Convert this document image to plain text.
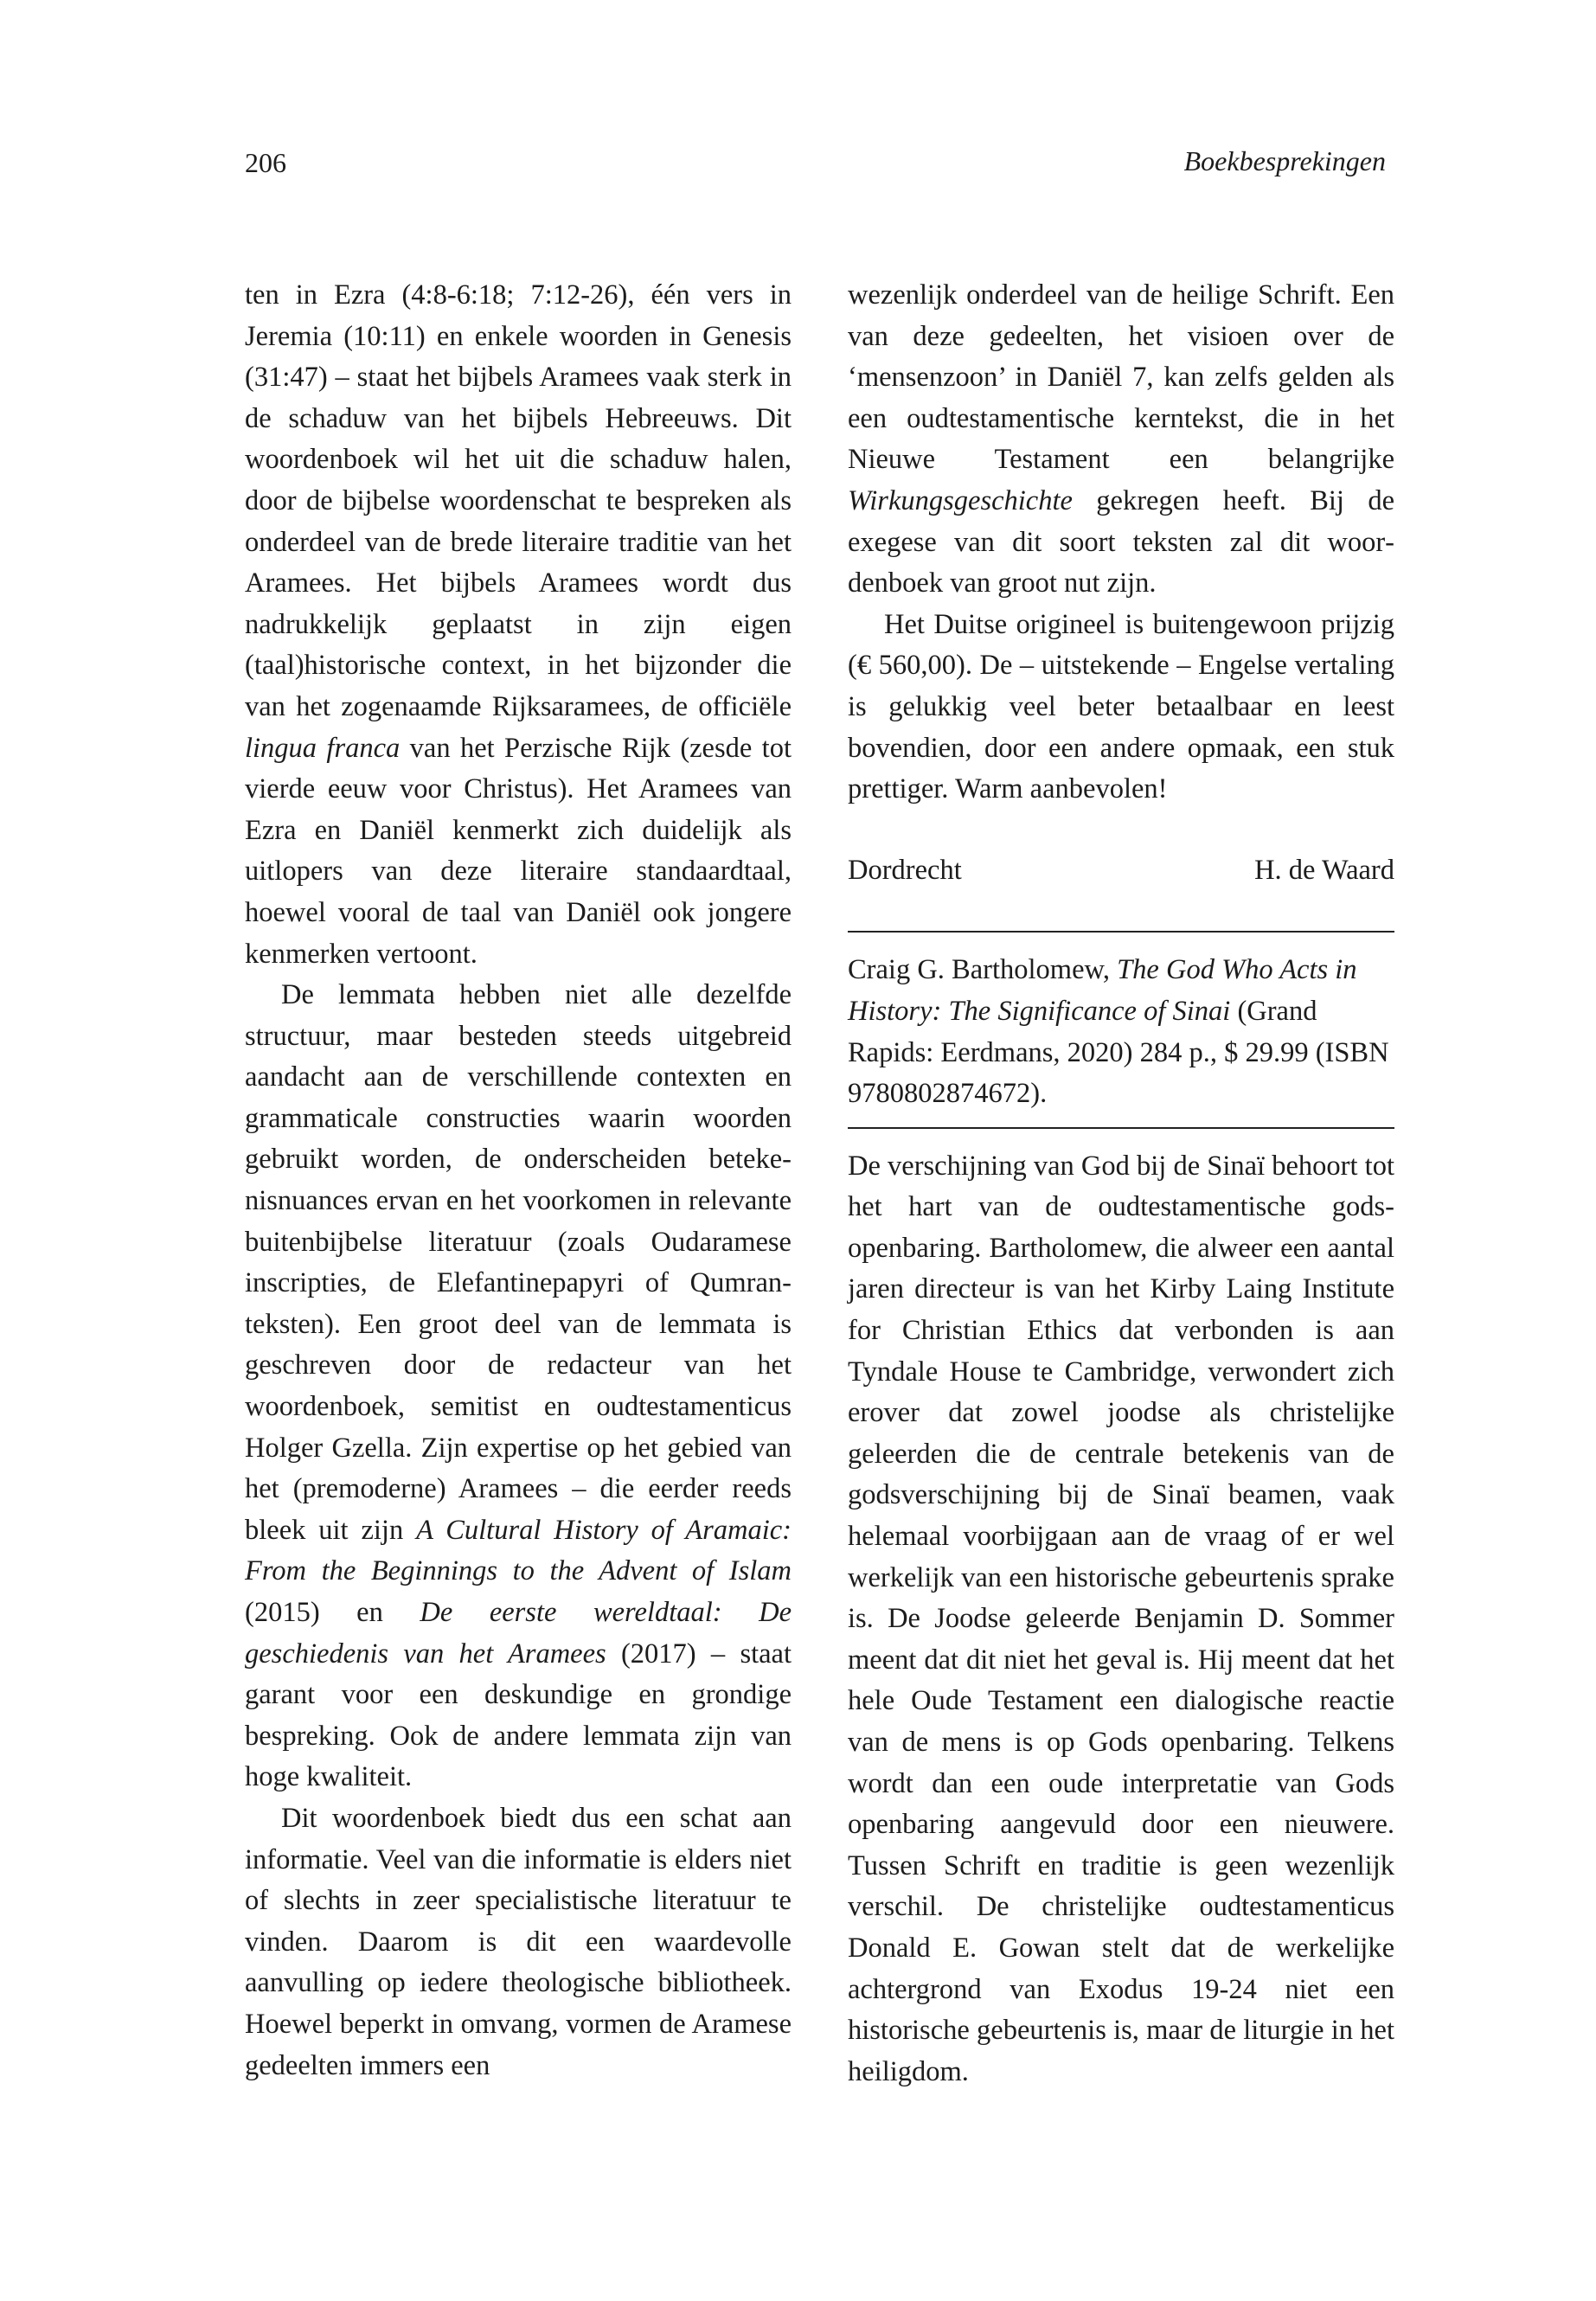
206	Boekbesprekingen

ten in Ezra (4:8-6:18; 7:12-26), één vers in Jeremia (10:11) en enkele woorden in Genesis (31:47) – staat het bijbels Aramees vaak sterk in de schaduw van het bijbels Hebreeuws. Dit woordenboek wil het uit die schaduw halen, door de bijbelse woordenschat te bespreken als onderdeel van de brede literaire traditie van het Aramees. Het bijbels Aramees wordt dus nadrukkelijk geplaatst in zijn eigen (taal)historische context, in het bijzonder die van het zogenaamde Rijksaramees, de officiële lingua franca van het Perzische Rijk (zesde tot vierde eeuw voor Christus). Het Aramees van Ezra en Daniël kenmerkt zich duidelijk als uitlopers van deze literaire standaardtaal, hoewel vooral de taal van Daniël ook jongere kenmerken vertoont.

De lemmata hebben niet alle dezelfde structuur, maar besteden steeds uitgebreid aandacht aan de verschillende contexten en grammaticale constructies waarin woorden gebruikt worden, de onderscheiden betekenisnuances ervan en het voorkomen in relevante buitenbijbelse literatuur (zoals Oudaramese inscripties, de Elefantinepapyri of Qumran-teksten). Een groot deel van de lemmata is geschreven door de redacteur van het woordenboek, semitist en oudtestamenticus Holger Gzella. Zijn expertise op het gebied van het (premoderne) Aramees – die eerder reeds bleek uit zijn A Cultural History of Aramaic: From the Beginnings to the Advent of Islam (2015) en De eerste wereldtaal: De geschiedenis van het Aramees (2017) – staat garant voor een deskundige en grondige bespreking. Ook de andere lemmata zijn van hoge kwaliteit.

Dit woordenboek biedt dus een schat aan informatie. Veel van die informatie is elders niet of slechts in zeer specialistische literatuur te vinden. Daarom is dit een waardevolle aanvulling op iedere theologische bibliotheek. Hoewel beperkt in omvang, vormen de Aramese gedeelten immers een

wezenlijk onderdeel van de heilige Schrift. Een van deze gedeelten, het visioen over de ‘mensenzoon’ in Daniël 7, kan zelfs gelden als een oudtestamentische kerntekst, die in het Nieuwe Testament een belangrijke Wirkungsgeschichte gekregen heeft. Bij de exegese van dit soort teksten zal dit woordenboek van groot nut zijn.

Het Duitse origineel is buitengewoon prijzig (€ 560,00). De – uitstekende – Engelse vertaling is gelukkig veel beter betaalbaar en leest bovendien, door een andere opmaak, een stuk prettiger. Warm aanbevolen!

Dordrecht	H. de Waard
Craig G. Bartholomew, The God Who Acts in History: The Significance of Sinai (Grand Rapids: Eerdmans, 2020) 284 p., $ 29.99 (ISBN 9780802874672).

De verschijning van God bij de Sinaï behoort tot het hart van de oudtestamentische godsopenbaring. Bartholomew, die alweer een aantal jaren directeur is van het Kirby Laing Institute for Christian Ethics dat verbonden is aan Tyndale House te Cambridge, verwondert zich erover dat zowel joodse als christelijke geleerden die de centrale betekenis van de godsverschijning bij de Sinaï beamen, vaak helemaal voorbijgaan aan de vraag of er wel werkelijk van een historische gebeurtenis sprake is. De Joodse geleerde Benjamin D. Sommer meent dat dit niet het geval is. Hij meent dat het hele Oude Testament een dialogische reactie van de mens is op Gods openbaring. Telkens wordt dan een oude interpretatie van Gods openbaring aangevuld door een nieuwere. Tussen Schrift en traditie is geen wezenlijk verschil. De christelijke oudtestamenticus Donald E. Gowan stelt dat de werkelijke achtergrond van Exodus 19-24 niet een historische gebeurtenis is, maar de liturgie in het heiligdom.
